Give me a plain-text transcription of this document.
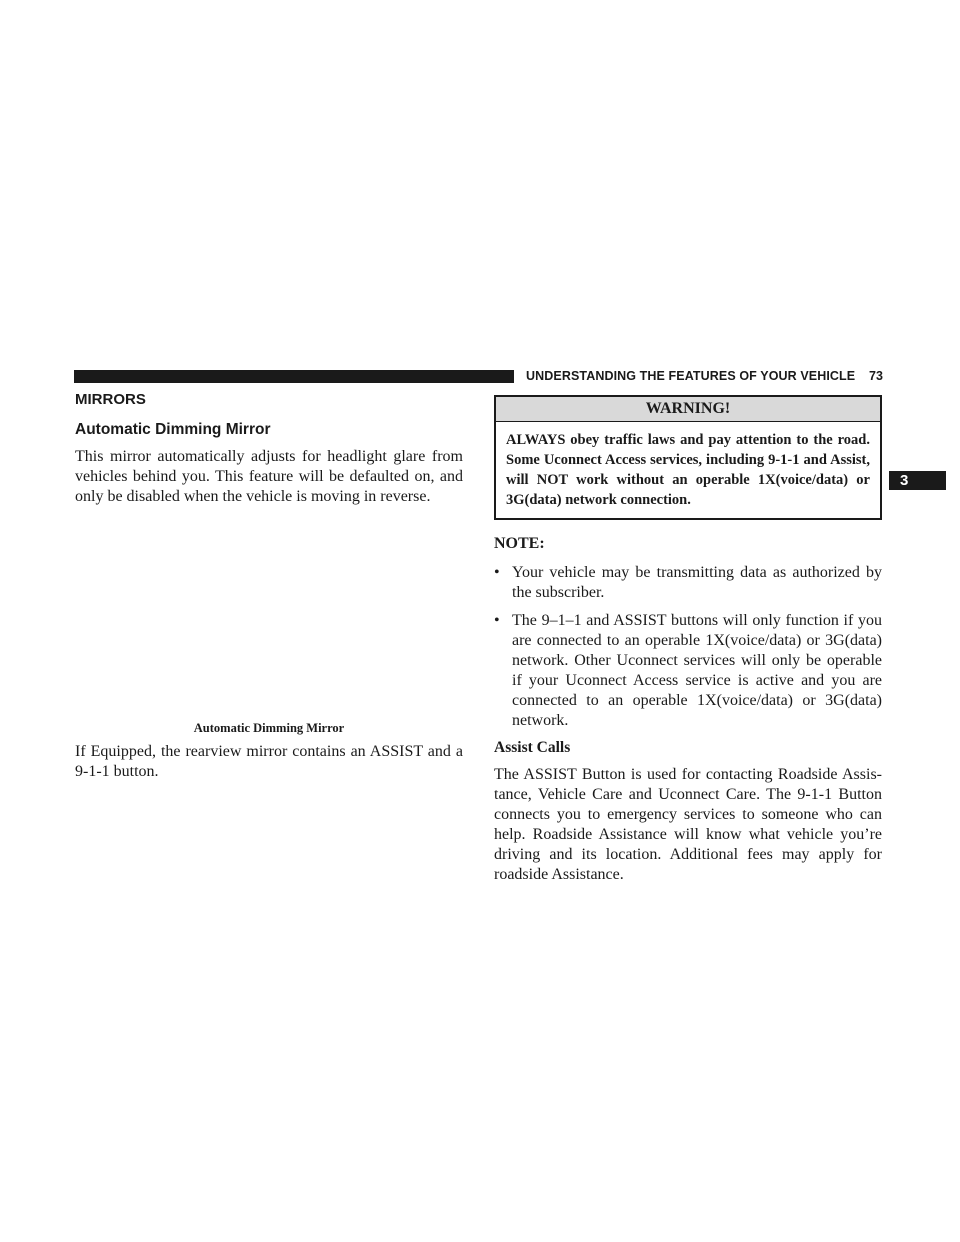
UNDERSTANDING THE FEATURES OF YOUR VEHICLE 73
3
MIRRORS
Automatic Dimming Mirror

This mirror automatically adjusts for headlight glare from vehicles behind you. This feature will be defaulted on, and only be disabled when the vehicle is moving in reverse.

Automatic Dimming Mirror

If Equipped, the rearview mirror contains an ASSIST and a 9-1-1 button.

WARNING!
ALWAYS obey traffic laws and pay attention to the road. Some Uconnect Access services, including 9-1-1 and Assist, will NOT work without an operable 1X(voice/data) or 3G(data) network connection.

NOTE:

• Your vehicle may be transmitting data as authorized by the subscriber.
• The 9–1–1 and ASSIST buttons will only function if you are connected to an operable 1X(voice/data) or 3G(data) network. Other Uconnect services will only be operable if your Uconnect Access service is active and you are connected to an operable 1X(voice/data) or 3G(data) network.

Assist Calls

The ASSIST Button is used for contacting Roadside Assis- tance, Vehicle Care and Uconnect Care. The 9-1-1 Button connects you to emergency services to someone who can help. Roadside Assistance will know what vehicle you’re driving and its location. Additional fees may apply for roadside Assistance.
